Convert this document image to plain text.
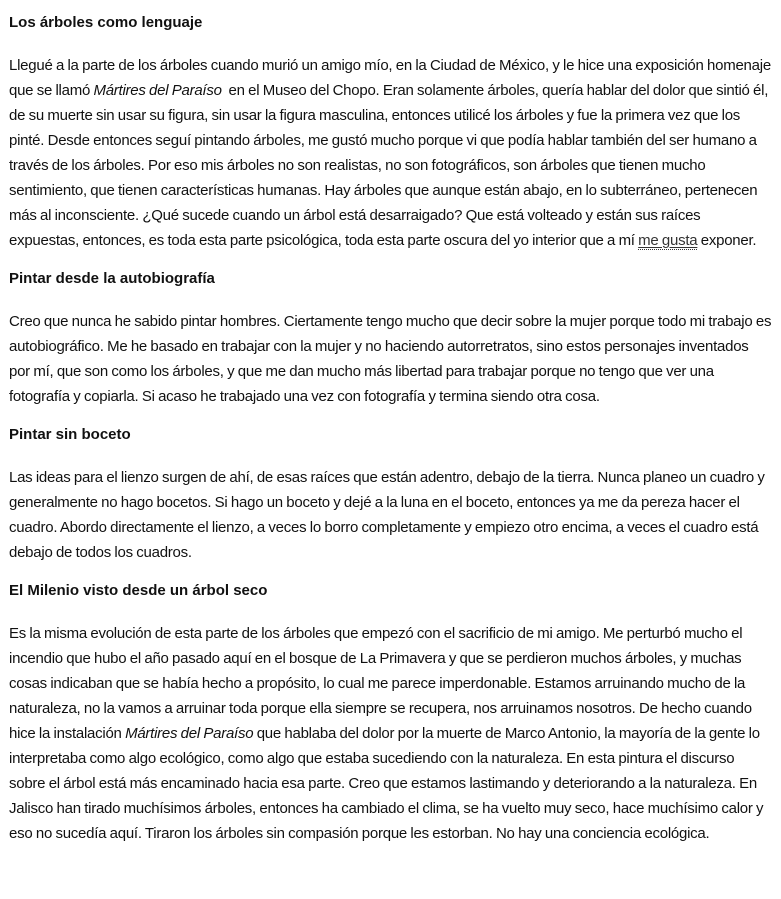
Los árboles como lenguaje

Llegué a la parte de los árboles cuando murió un amigo mío, en la Ciudad de México, y le hice una exposición homenaje que se llamó Mártires del Paraíso  en el Museo del Chopo. Eran solamente árboles, quería hablar del dolor que sintió él, de su muerte sin usar su figura, sin usar la figura masculina, entonces utilicé los árboles y fue la primera vez que los pinté. Desde entonces seguí pintando árboles, me gustó mucho porque vi que podía hablar también del ser humano a través de los árboles. Por eso mis árboles no son realistas, no son fotográficos, son árboles que tienen mucho sentimiento, que tienen características humanas. Hay árboles que aunque están abajo, en lo subterráneo, pertenecen más al inconsciente. ¿Qué sucede cuando un árbol está desarraigado? Que está volteado y están sus raíces expuestas, entonces, es toda esta parte psicológica, toda esta parte oscura del yo interior que a mí me gusta exponer.

Pintar desde la autobiografía

Creo que nunca he sabido pintar hombres. Ciertamente tengo mucho que decir sobre la mujer porque todo mi trabajo es autobiográfico. Me he basado en trabajar con la mujer y no haciendo autorretratos, sino estos personajes inventados por mí, que son como los árboles, y que me dan mucho más libertad para trabajar porque no tengo que ver una fotografía y copiarla. Si acaso he trabajado una vez con fotografía y termina siendo otra cosa.

Pintar sin boceto

Las ideas para el lienzo surgen de ahí, de esas raíces que están adentro, debajo de la tierra. Nunca planeo un cuadro y generalmente no hago bocetos. Si hago un boceto y dejé a la luna en el boceto, entonces ya me da pereza hacer el cuadro. Abordo directamente el lienzo, a veces lo borro completamente y empiezo otro encima, a veces el cuadro está debajo de todos los cuadros.

El Milenio visto desde un árbol seco

Es la misma evolución de esta parte de los árboles que empezó con el sacrificio de mi amigo. Me perturbó mucho el incendio que hubo el año pasado aquí en el bosque de La Primavera y que se perdieron muchos árboles, y muchas cosas indicaban que se había hecho a propósito, lo cual me parece imperdonable. Estamos arruinando mucho de la naturaleza, no la vamos a arruinar toda porque ella siempre se recupera, nos arruinamos nosotros. De hecho cuando hice la instalación Mártires del Paraíso que hablaba del dolor por la muerte de Marco Antonio, la mayoría de la gente lo interpretaba como algo ecológico, como algo que estaba sucediendo con la naturaleza. En esta pintura el discurso sobre el árbol está más encaminado hacia esa parte. Creo que estamos lastimando y deteriorando a la naturaleza. En Jalisco han tirado muchísimos árboles, entonces ha cambiado el clima, se ha vuelto muy seco, hace muchísimo calor y eso no sucedía aquí. Tiraron los árboles sin compasión porque les estorban. No hay una conciencia ecológica.
